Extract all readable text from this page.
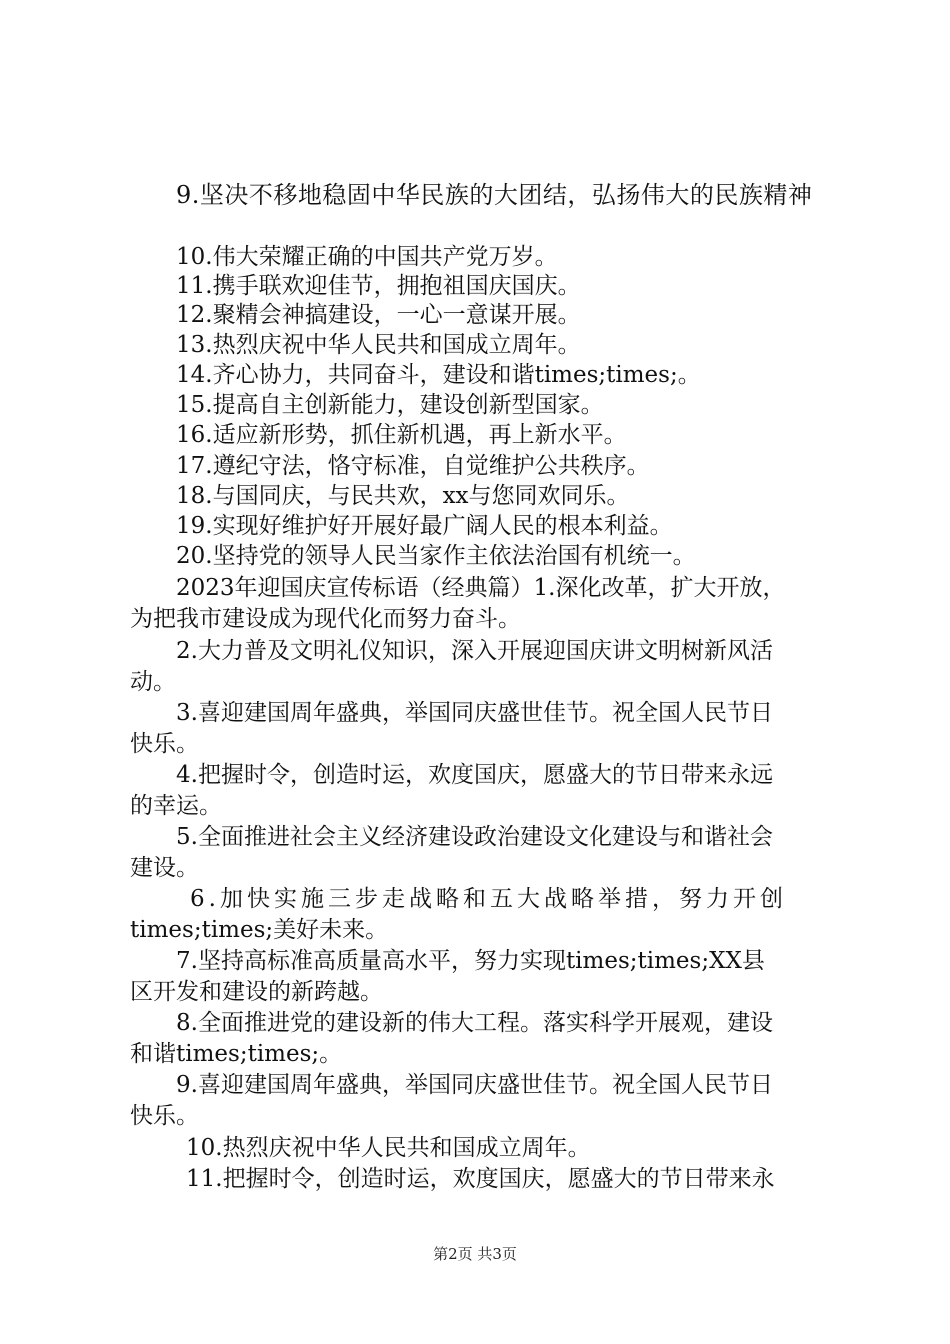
9.坚决不移地稳固中华民族的大团结，弘扬伟大的民族精神
10.伟大荣耀正确的中国共产党万岁。
11.携手联欢迎佳节，拥抱祖国庆国庆。
12.聚精会神搞建设，一心一意谋开展。
13.热烈庆祝中华人民共和国成立周年。
14.齐心协力，共同奋斗，建设和谐times;times;。
15.提高自主创新能力，建设创新型国家。
16.适应新形势，抓住新机遇，再上新水平。
17.遵纪守法，恪守标准，自觉维护公共秩序。
18.与国同庆，与民共欢，xx与您同欢同乐。
19.实现好维护好开展好最广阔人民的根本利益。
20.坚持党的领导人民当家作主依法治国有机统一。
2023年迎国庆宣传标语（经典篇）1.深化改革，扩大开放，
为把我市建设成为现代化而努力奋斗。
2.大力普及文明礼仪知识，深入开展迎国庆讲文明树新风活
动。
3.喜迎建国周年盛典，举国同庆盛世佳节。祝全国人民节日
快乐。
4.把握时令，创造时运，欢度国庆，愿盛大的节日带来永远
的幸运。
5.全面推进社会主义经济建设政治建设文化建设与和谐社会
建设。
6.加快实施三步走战略和五大战略举措，努力开创
times;times;美好未来。
7.坚持高标准高质量高水平，努力实现times;times;XX县
区开发和建设的新跨越。
8.全面推进党的建设新的伟大工程。落实科学开展观，建设
和谐times;times;。
9.喜迎建国周年盛典，举国同庆盛世佳节。祝全国人民节日
快乐。
10.热烈庆祝中华人民共和国成立周年。
11.把握时令，创造时运，欢度国庆，愿盛大的节日带来永
第2页 共3页
